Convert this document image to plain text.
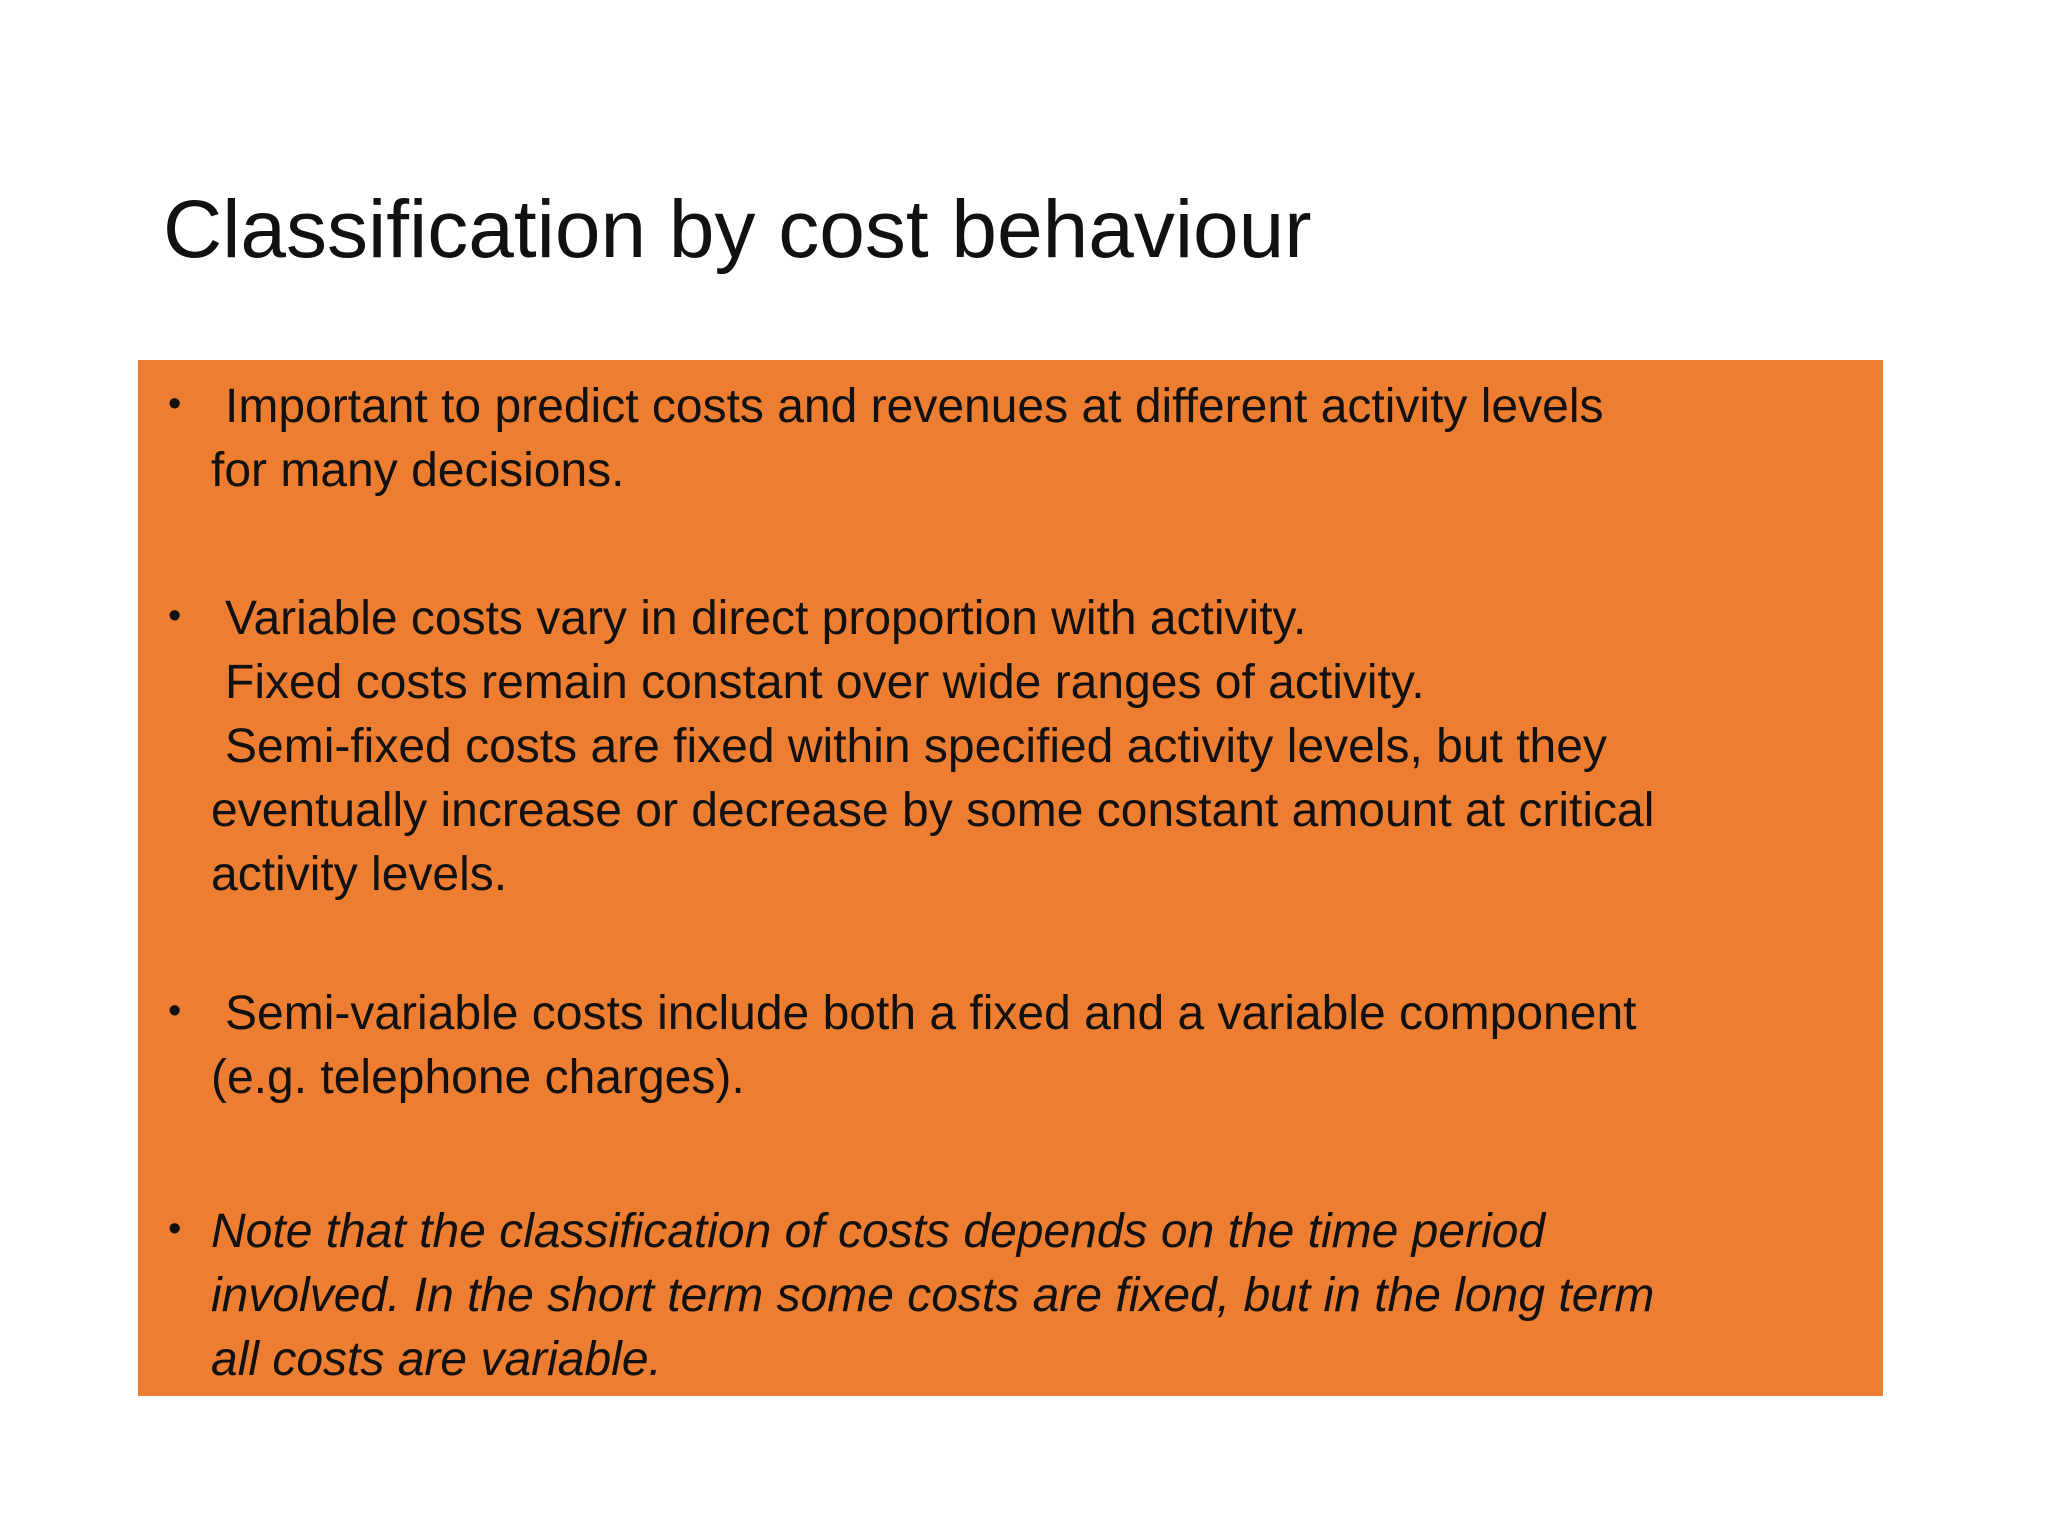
Classification by cost behaviour
• Important to predict costs and revenues at different activity levels
for many decisions.
• Variable costs vary in direct proportion with activity.
Fixed costs remain constant over wide ranges of activity.
Semi-fixed costs are fixed within specified activity levels, but they
eventually increase or decrease by some constant amount at critical
activity levels.
• Semi-variable costs include both a fixed and a variable component
(e.g. telephone charges).
• Note that the classification of costs depends on the time period
involved. In the short term some costs are fixed, but in the long term
all costs are variable.
